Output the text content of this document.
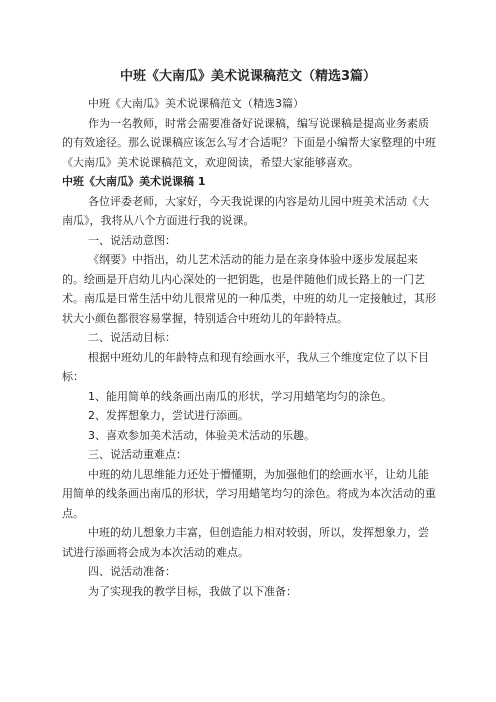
中班《大南瓜》美术说课稿范文（精选3篇）

中班《大南瓜》美术说课稿范文（精选3篇）

作为一名教师，时常会需要准备好说课稿，编写说课稿是提高业务素质的有效途径。那么说课稿应该怎么写才合适呢？下面是小编帮大家整理的中班《大南瓜》美术说课稿范文，欢迎阅读，希望大家能够喜欢。

中班《大南瓜》美术说课稿 1

各位评委老师，大家好，今天我说课的内容是幼儿园中班美术活动《大南瓜》，我将从八个方面进行我的说课。

一、说活动意图：

《纲要》中指出，幼儿艺术活动的能力是在亲身体验中逐步发展起来的。绘画是开启幼儿内心深处的一把钥匙，也是伴随他们成长路上的一门艺术。南瓜是日常生活中幼儿很常见的一种瓜类，中班的幼儿一定接触过，其形状大小颜色都很容易掌握，特别适合中班幼儿的年龄特点。

二、说活动目标：

根据中班幼儿的年龄特点和现有绘画水平，我从三个维度定位了以下目标：

1、能用简单的线条画出南瓜的形状，学习用蜡笔均匀的涂色。

2、发挥想象力，尝试进行添画。

3、喜欢参加美术活动，体验美术活动的乐趣。

三、说活动重难点：

中班的幼儿思维能力还处于懵懂期，为加强他们的绘画水平，让幼儿能用简单的线条画出南瓜的形状，学习用蜡笔均匀的涂色。将成为本次活动的重点。

中班的幼儿想象力丰富，但创造能力相对较弱，所以，发挥想象力，尝试进行添画将会成为本次活动的难点。

四、说活动准备：

为了实现我的教学目标，我做了以下准备：
